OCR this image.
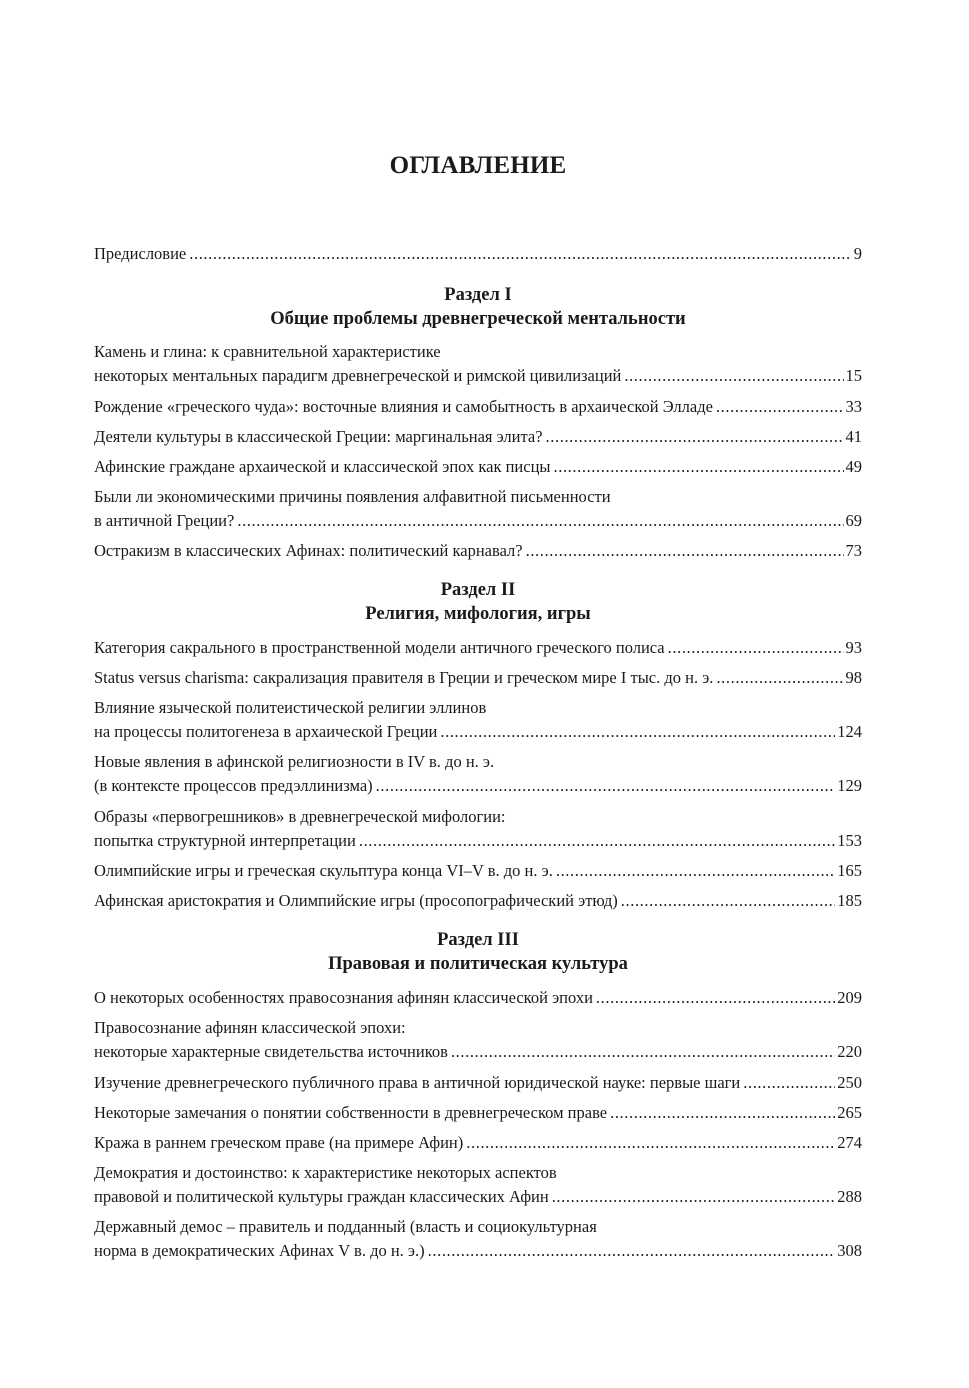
ОГЛАВЛЕНИЕ
Предисловие .....	9
Раздел I
Общие проблемы древнегреческой ментальности
Камень и глина: к сравнительной характеристике
некоторых ментальных парадигм древнегреческой и римской цивилизаций .....	15
Рождение «греческого чуда»: восточные влияния и самобытность в архаической Элладе .....	33
Деятели культуры в классической Греции: маргинальная элита? .....	41
Афинские граждане архаической и классической эпох как писцы .....	49
Были ли экономическими причины появления алфавитной письменности
в античной Греции? .....	69
Остракизм в классических Афинах: политический карнавал? .....	73
Раздел II
Религия, мифология, игры
Категория сакрального в пространственной модели античного греческого полиса .....	93
Status versus charisma: сакрализация правителя в Греции и греческом мире I тыс. до н. э. .....	98
Влияние языческой политеистической религии эллинов
на процессы политогенеза в архаической Греции .....	124
Новые явления в афинской религиозности в IV в. до н. э.
(в контексте процессов предэллинизма) .....	129
Образы «первогрешников» в древнегреческой мифологии:
попытка структурной интерпретации .....	153
Олимпийские игры и греческая скульптура конца VI–V в. до н. э. .....	165
Афинская аристократия и Олимпийские игры (просопографический этюд) .....	185
Раздел III
Правовая и политическая культура
О некоторых особенностях правосознания афинян классической эпохи .....	209
Правосознание афинян классической эпохи:
некоторые характерные свидетельства источников .....	220
Изучение древнегреческого публичного права в античной юридической науке: первые шаги .....	250
Некоторые замечания о понятии собственности в древнегреческом праве .....	265
Кража в раннем греческом праве (на примере Афин) .....	274
Демократия и достоинство: к характеристике некоторых аспектов
правовой и политической культуры граждан классических Афин .....	288
Державный демос – правитель и подданный (власть и социокультурная
норма в демократических Афинах V в. до н. э.) .....	308
